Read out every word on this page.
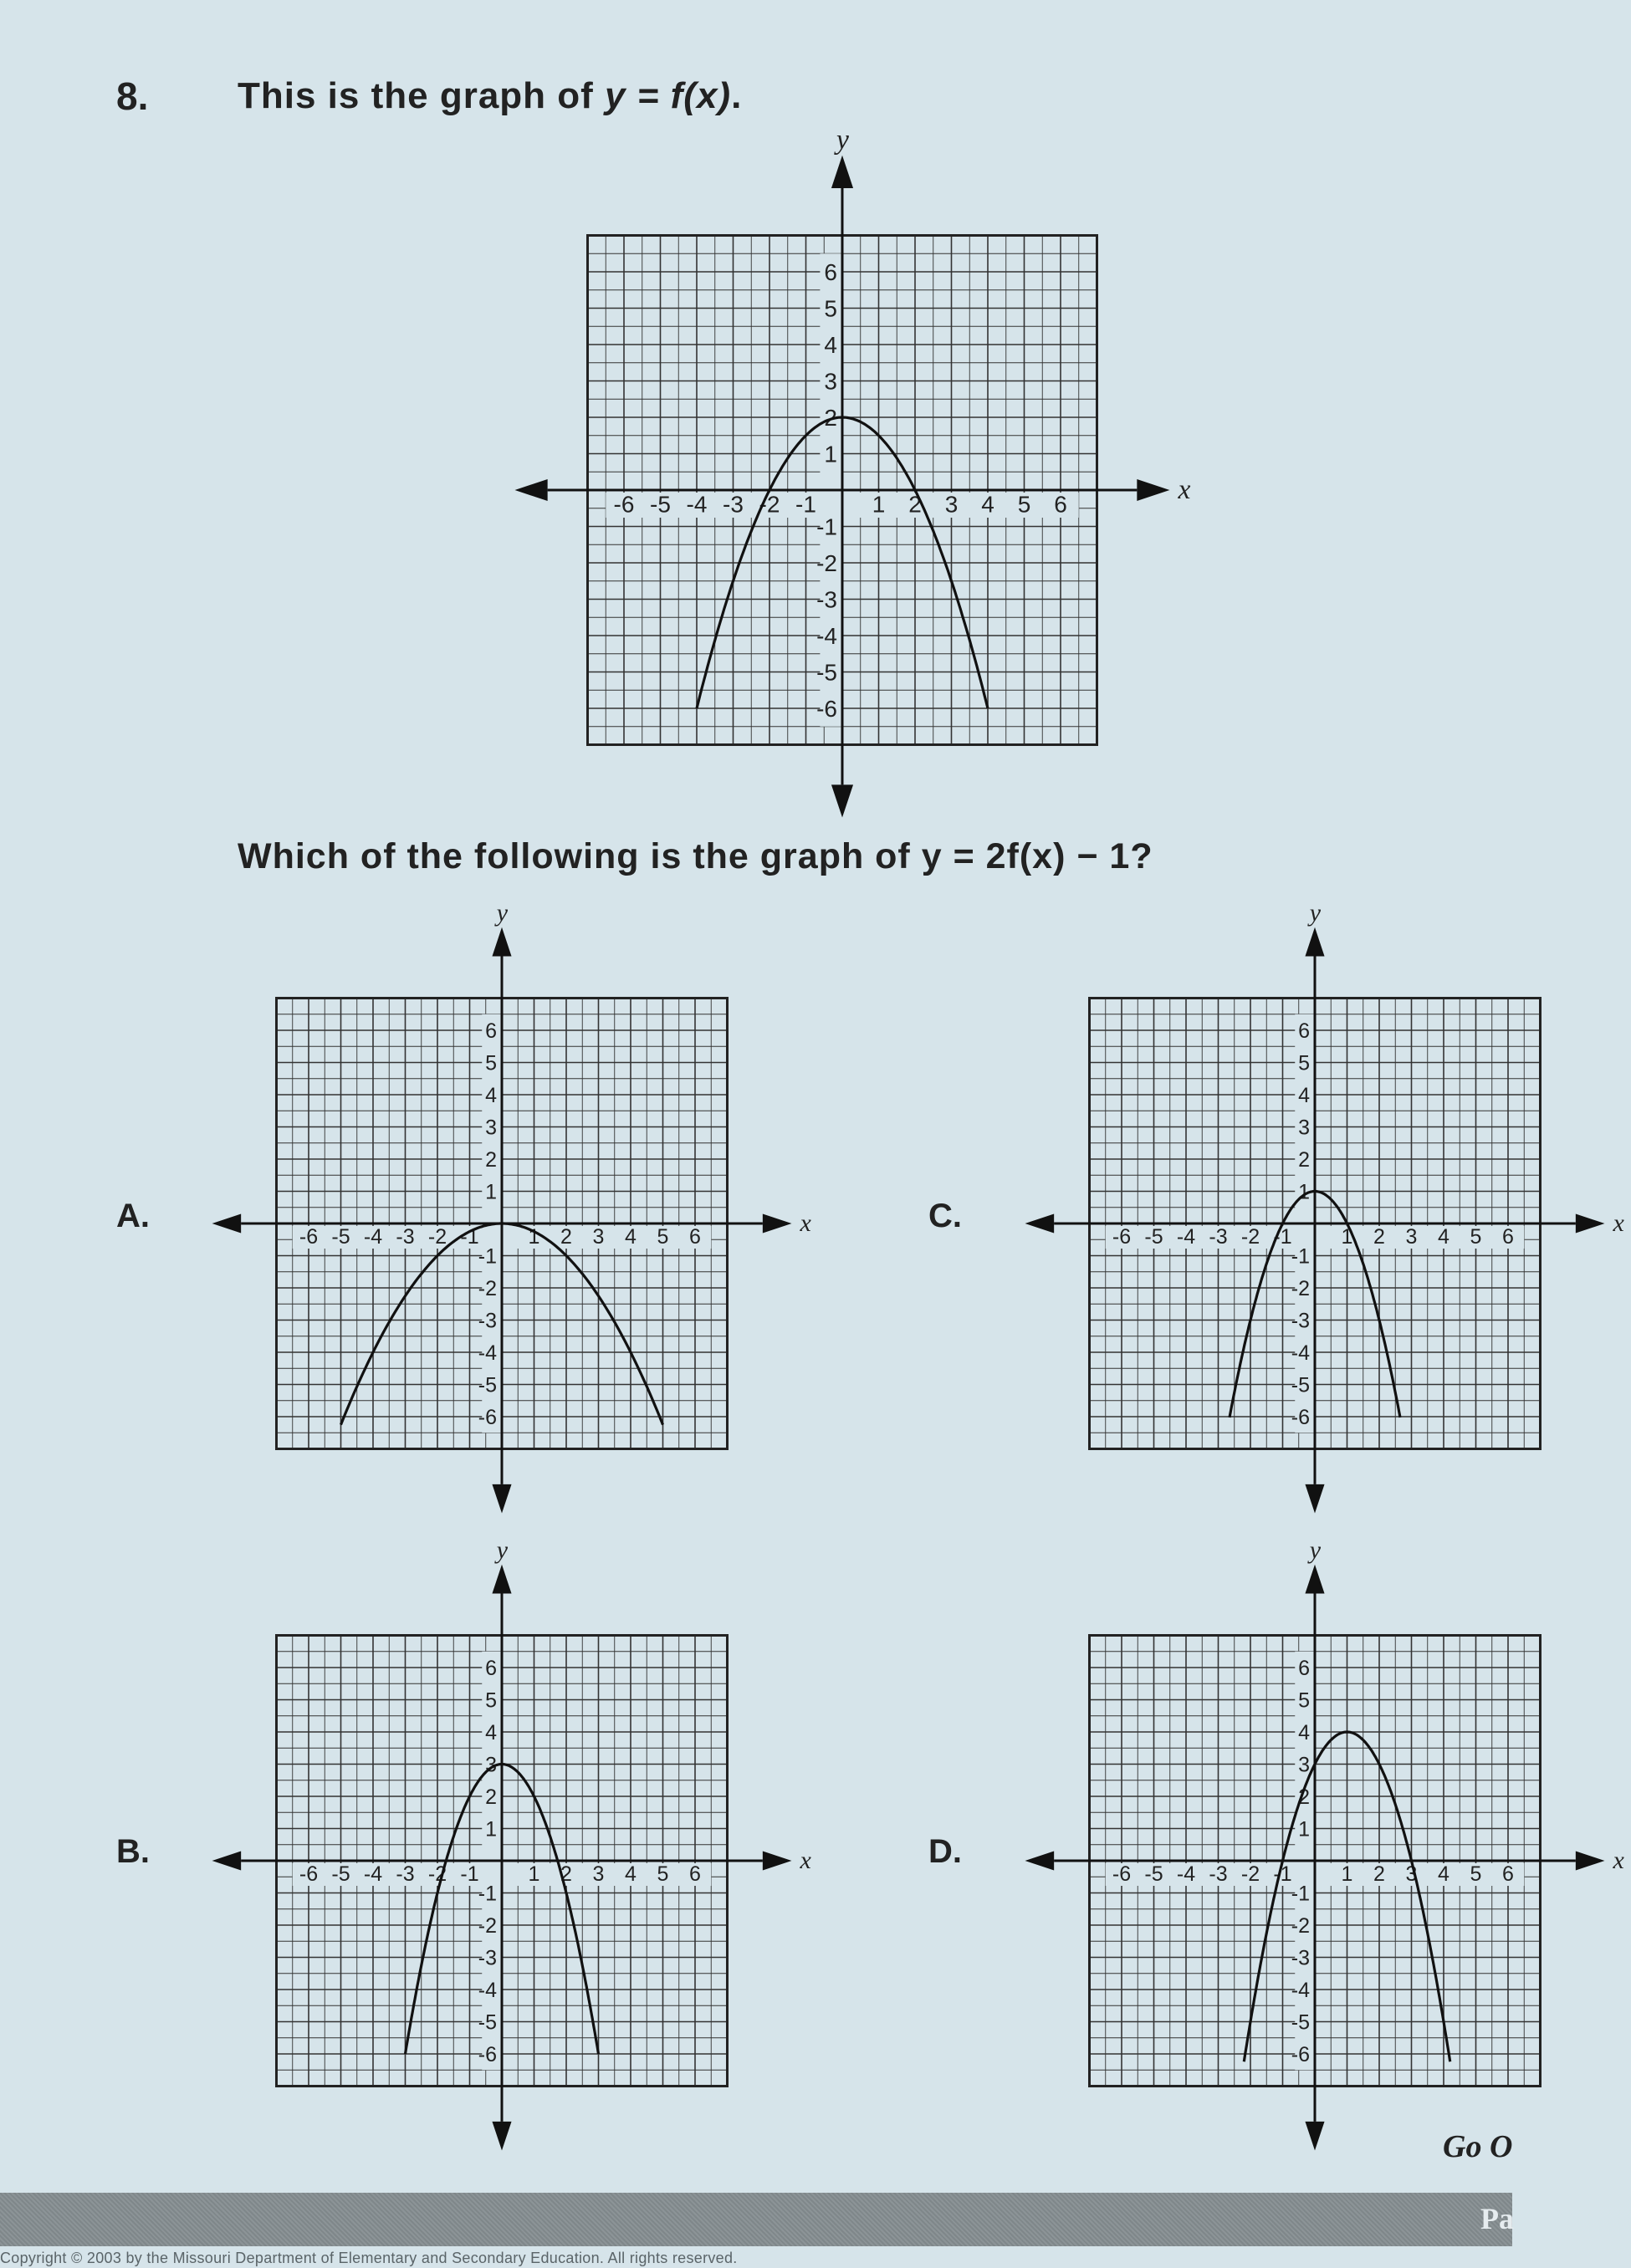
8. This is the graph of y = f(x).
x
y
-6 -5 -4 -3 -2 -1 1 2 3 4 5 6
6
5
4
3
2
1
-1
-2
-3
-4
-5
-6
Which of the following is the graph of y = 2f(x) − 1?
A.	x
y
-6 -5 -4 -3 -2 -1 1 2 3 4 5 6
6
5
4
3
2
1
-1
-2
-3
-4
-5
-6
C.	x
y
-6 -5 -4 -3 -2 -1 1 2 3 4 5 6
6
5
4
3
2
1
-1
-2
-3
-4
-5
-6
B.	x
y
-6 -5 -4 -3 -2 -1 1 2 3 4 5 6
6
5
4
3
2
1
-1
-2
-3
-4
-5
-6
D.	x
y
-6 -5 -4 -3 -2 -1 1 2 3 4 5 6
6
5
4
3
2
1
-1
-2
-3
-4
-5
-6
Go O
Pa
Copyright © 2003 by the Missouri Department of Elementary and Secondary Education. All rights reserved.
